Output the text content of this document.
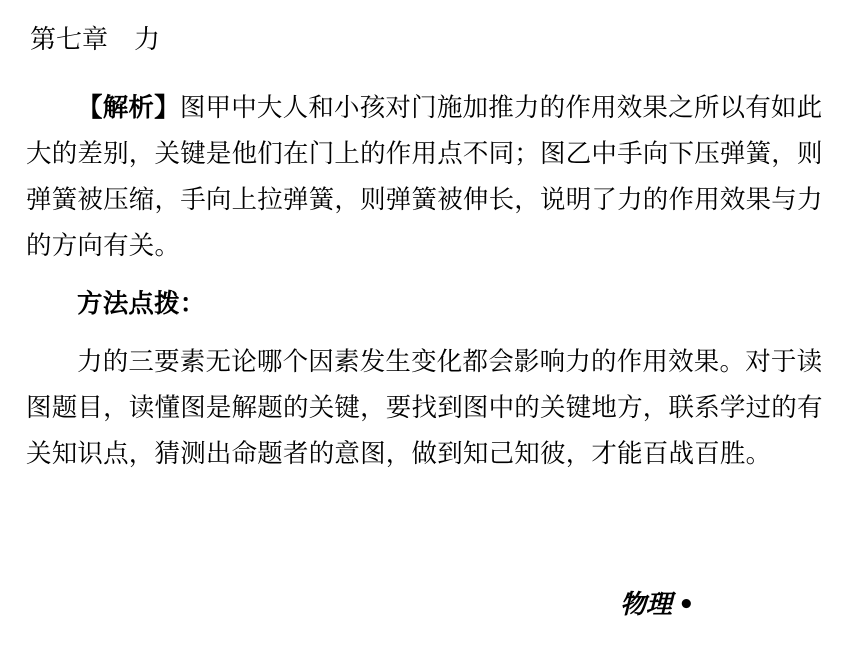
第七章　力

【解析】图甲中大人和小孩对门施加推力的作用效果之所以有如此大的差别，关键是他们在门上的作用点不同；图乙中手向下压弹簧，则弹簧被压缩，手向上拉弹簧，则弹簧被伸长，说明了力的作用效果与力的方向有关。

方法点拨：

力的三要素无论哪个因素发生变化都会影响力的作用效果。对于读图题目，读懂图是解题的关键，要找到图中的关键地方，联系学过的有关知识点，猜测出命题者的意图，做到知己知彼，才能百战百胜。

物理 •
